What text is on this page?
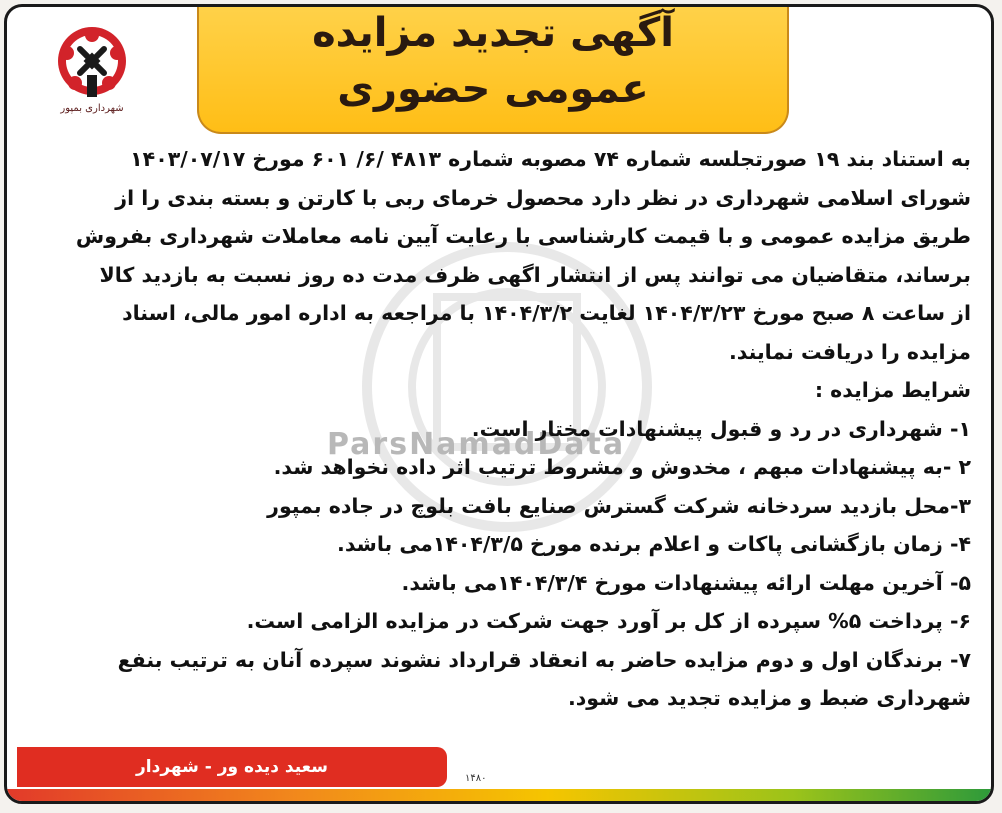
آگهی تجدید مزایده
عمومی حضوری
شهرداری بمپور
ParsNamadData
به استناد بند ۱۹ صورتجلسه شماره ۷۴ مصوبه شماره ۴۸۱۳ /۶/ ۶۰۱ مورخ ۱۴۰۳/۰۷/۱۷
شورای اسلامی شهرداری در نظر دارد محصول خرمای ربی با کارتن و بسته بندی را از
طریق مزایده عمومی و با قیمت کارشناسی با رعایت آیین نامه معاملات شهرداری بفروش
برساند، متقاضیان می توانند پس از انتشار اگهی ظرف مدت ده روز نسبت به بازدید کالا
از ساعت ۸ صبح مورخ ۱۴۰۴/۳/۲۳ لغایت ۱۴۰۴/۳/۲ با مراجعه به اداره امور مالی، اسناد
مزایده را دریافت نمایند.
شرایط مزایده :
۱- شهرداری در رد و قبول پیشنهادات مختار است.
۲ -به پیشنهادات مبهم ، مخدوش و مشروط ترتیب اثر داده نخواهد شد.
۳-محل بازدید سردخانه شرکت گسترش صنایع بافت بلوچ در جاده بمپور
۴- زمان بازگشانی پاکات و اعلام برنده مورخ ۱۴۰۴/۳/۵می باشد.
۵- آخرین مهلت ارائه پیشنهادات مورخ ۱۴۰۴/۳/۴می باشد.
۶- پرداخت ۵% سپرده از کل بر آورد جهت شرکت در مزایده الزامی است.
۷- برندگان اول و دوم مزایده حاضر به انعقاد قرارداد نشوند سپرده آنان به ترتیب بنفع
شهرداری ضبط و مزایده تجدید می شود.
سعید دیده ور - شهردار
۱۴۸۰
